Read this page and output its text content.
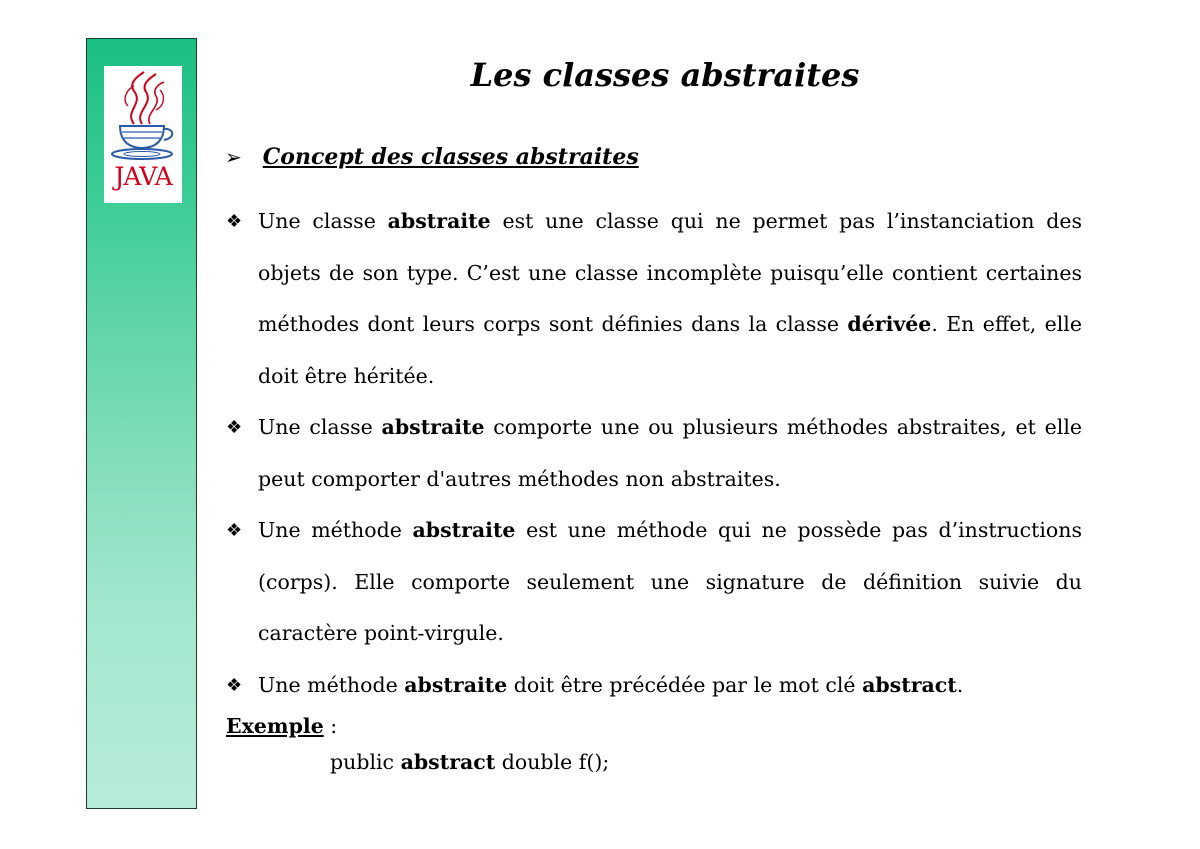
JAVA
Les classes abstraites
➢ Concept des classes abstraites
❖ Une classe abstraite est une classe qui ne permet pas l’instanciation des objets de son type. C’est une classe incomplète puisqu’elle contient certaines méthodes dont leurs corps sont définies dans la classe dérivée. En effet, elle doit être héritée.
❖ Une classe abstraite comporte une ou plusieurs méthodes abstraites, et elle peut comporter d'autres méthodes non abstraites.
❖ Une méthode abstraite est une méthode qui ne possède pas d’instructions (corps). Elle comporte seulement une signature de définition suivie du caractère point-virgule.
❖ Une méthode abstraite doit être précédée par le mot clé abstract.
Exemple :
public abstract double f();
